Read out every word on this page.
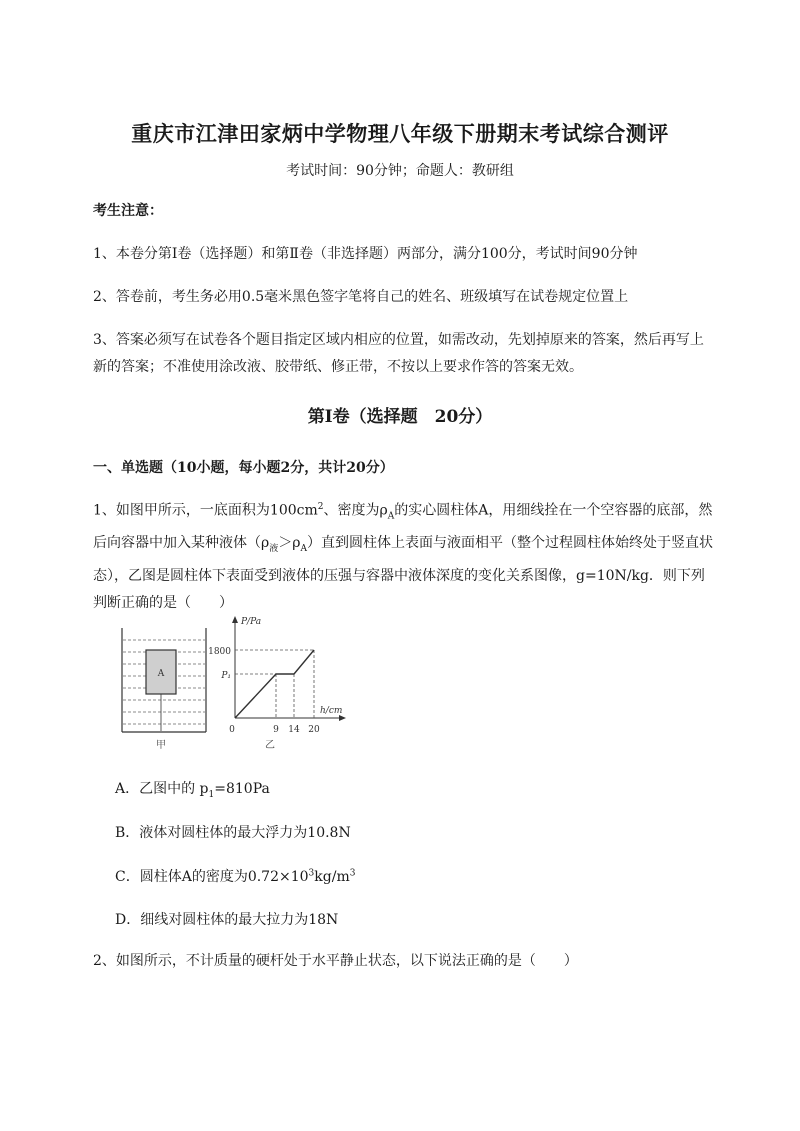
重庆市江津田家炳中学物理八年级下册期末考试综合测评
考试时间：90分钟；命题人：教研组
考生注意：
1、本卷分第I卷（选择题）和第Ⅱ卷（非选择题）两部分，满分100分，考试时间90分钟
2、答卷前，考生务必用0.5毫米黑色签字笔将自己的姓名、班级填写在试卷规定位置上
3、答案必须写在试卷各个题目指定区域内相应的位置，如需改动，先划掉原来的答案，然后再写上新的答案；不准使用涂改液、胶带纸、修正带，不按以上要求作答的答案无效。
第I卷（选择题　20分）
一、单选题（10小题，每小题2分，共计20分）
1、如图甲所示，一底面积为$100cm^2$、密度为$\rho_A$的实心圆柱体A，用细线拴在一个空容器的底部，然后向容器中加入某种液体$(\rho_液>\rho_A)$直到圆柱体上表面与液面相平（整个过程圆柱体始终处于竖直状态），乙图是圆柱体下表面受到液体的压强与容器中液体深度的变化关系图像，g=10N/kg．则下列判断正确的是（　　）
A
甲
P/Pa
h/cm
1800
P₁
0	9 14 20
乙
A．乙图中的 $p_1=810Pa$
B．液体对圆柱体的最大浮力为10.8N
C．圆柱体A的密度为$0.72\times 10^3kg/m^3$
D．细线对圆柱体的最大拉力为18N
2、如图所示，不计质量的硬杆处于水平静止状态，以下说法正确的是（　　）
